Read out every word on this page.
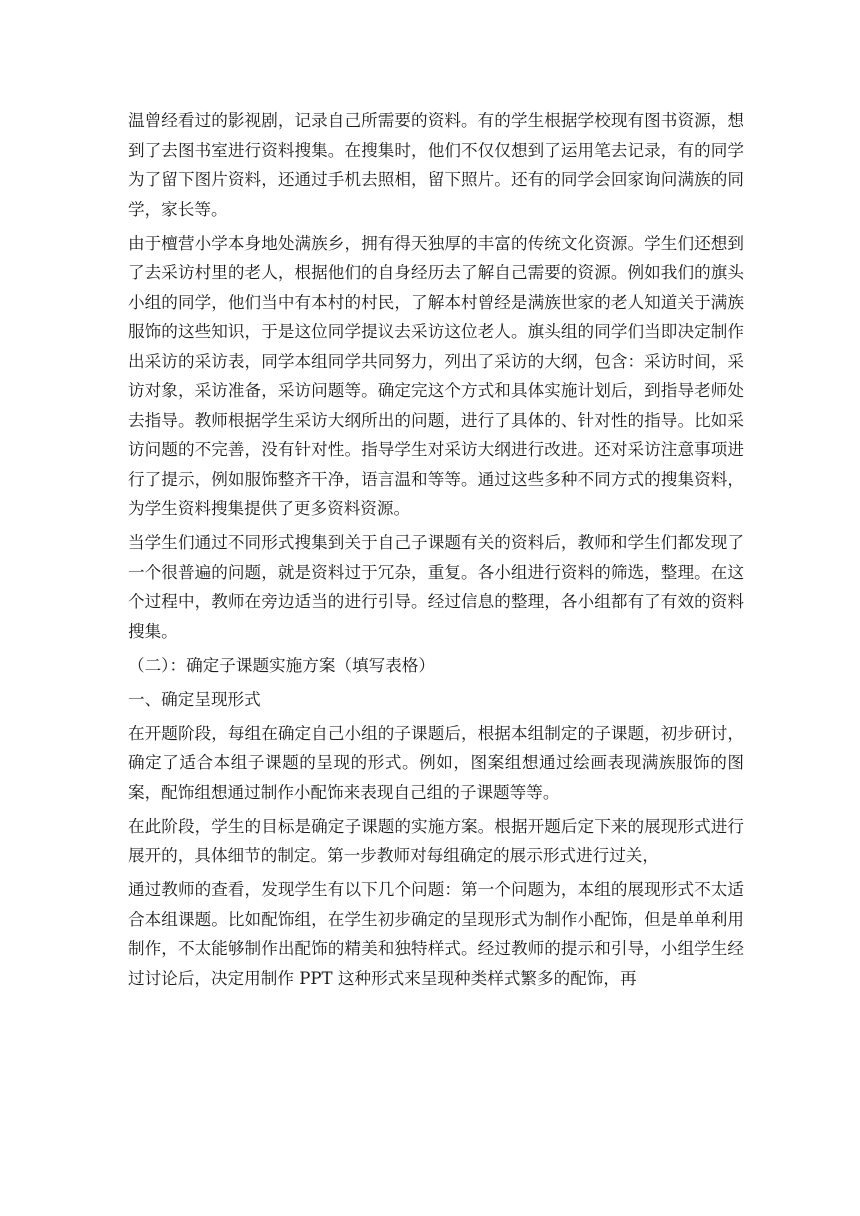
温曾经看过的影视剧，记录自己所需要的资料。有的学生根据学校现有图书资源，想到了去图书室进行资料搜集。在搜集时，他们不仅仅想到了运用笔去记录，有的同学为了留下图片资料，还通过手机去照相，留下照片。还有的同学会回家询问满族的同学，家长等。

由于檀营小学本身地处满族乡，拥有得天独厚的丰富的传统文化资源。学生们还想到了去采访村里的老人，根据他们的自身经历去了解自己需要的资源。例如我们的旗头小组的同学，他们当中有本村的村民，了解本村曾经是满族世家的老人知道关于满族服饰的这些知识，于是这位同学提议去采访这位老人。旗头组的同学们当即决定制作出采访的采访表，同学本组同学共同努力，列出了采访的大纲，包含：采访时间，采访对象，采访准备，采访问题等。确定完这个方式和具体实施计划后，到指导老师处去指导。教师根据学生采访大纲所出的问题，进行了具体的、针对性的指导。比如采访问题的不完善，没有针对性。指导学生对采访大纲进行改进。还对采访注意事项进行了提示，例如服饰整齐干净，语言温和等等。通过这些多种不同方式的搜集资料，为学生资料搜集提供了更多资料资源。

当学生们通过不同形式搜集到关于自己子课题有关的资料后，教师和学生们都发现了一个很普遍的问题，就是资料过于冗杂，重复。各小组进行资料的筛选，整理。在这个过程中，教师在旁边适当的进行引导。经过信息的整理，各小组都有了有效的资料搜集。

（二）：确定子课题实施方案（填写表格）

一、确定呈现形式

在开题阶段，每组在确定自己小组的子课题后，根据本组制定的子课题，初步研讨，确定了适合本组子课题的呈现的形式。例如，图案组想通过绘画表现满族服饰的图案，配饰组想通过制作小配饰来表现自己组的子课题等等。

在此阶段，学生的目标是确定子课题的实施方案。根据开题后定下来的展现形式进行展开的，具体细节的制定。第一步教师对每组确定的展示形式进行过关，

通过教师的查看，发现学生有以下几个问题：第一个问题为，本组的展现形式不太适合本组课题。比如配饰组，在学生初步确定的呈现形式为制作小配饰，但是单单利用制作，不太能够制作出配饰的精美和独特样式。经过教师的提示和引导，小组学生经过讨论后，决定用制作 PPT 这种形式来呈现种类样式繁多的配饰，再
